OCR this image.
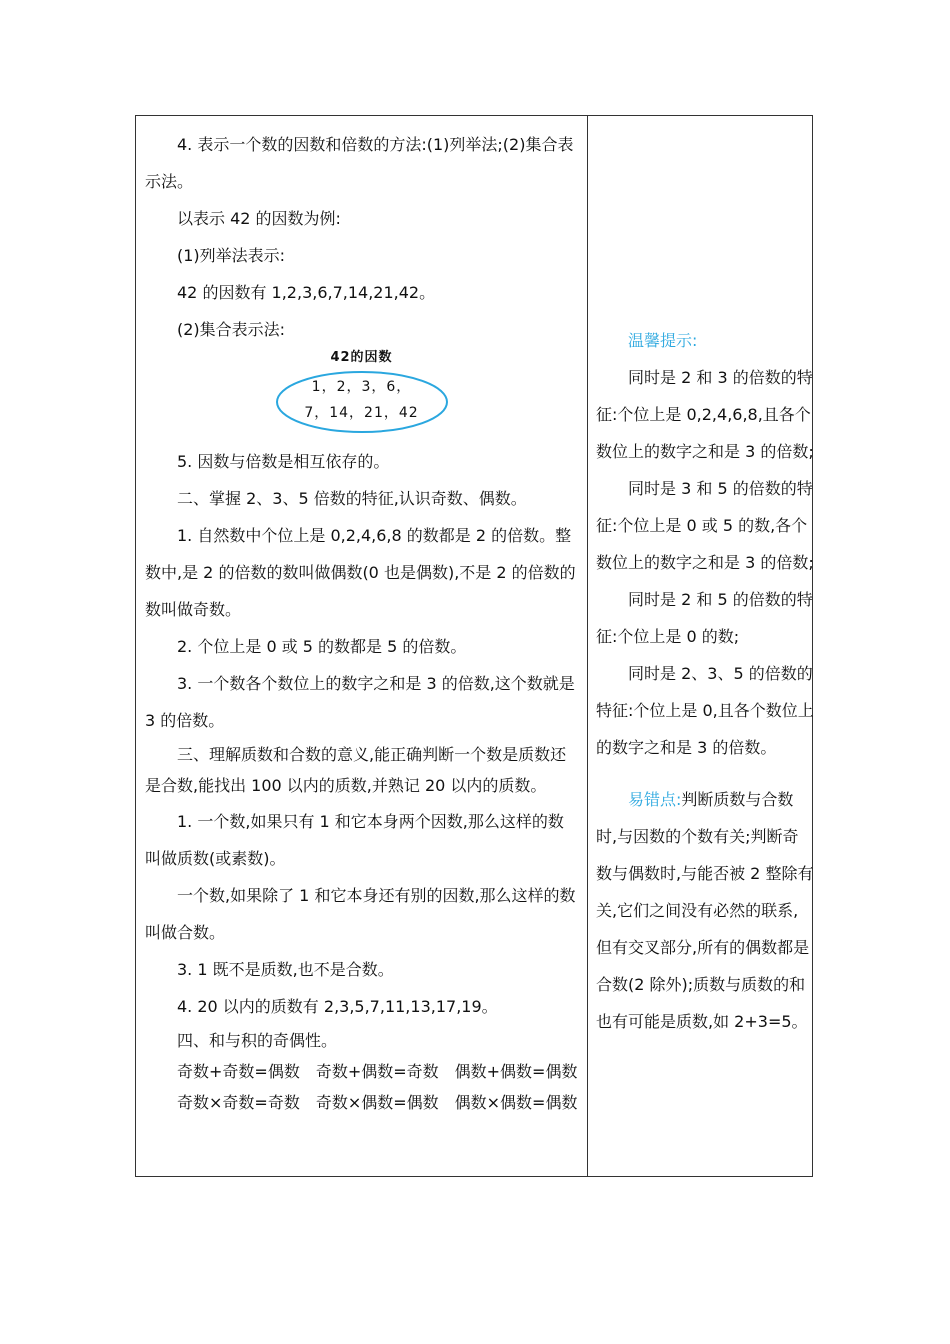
4. 表示一个数的因数和倍数的方法:(1)列举法;(2)集合表示法。

以表示 42 的因数为例:

(1)列举法表示:

42 的因数有 1,2,3,6,7,14,21,42。

(2)集合表示法:

42的因数
1，2，3，6，
7，14，21，42

5. 因数与倍数是相互依存的。

二、掌握 2、3、5 倍数的特征,认识奇数、偶数。

1. 自然数中个位上是 0,2,4,6,8 的数都是 2 的倍数。整数中,是 2 的倍数的数叫做偶数(0 也是偶数),不是 2 的倍数的数叫做奇数。

2. 个位上是 0 或 5 的数都是 5 的倍数。

3. 一个数各个数位上的数字之和是 3 的倍数,这个数就是 3 的倍数。

三、理解质数和合数的意义,能正确判断一个数是质数还是合数,能找出 100 以内的质数,并熟记 20 以内的质数。

1. 一个数,如果只有 1 和它本身两个因数,那么这样的数叫做质数(或素数)。

一个数,如果除了 1 和它本身还有别的因数,那么这样的数叫做合数。

3. 1 既不是质数,也不是合数。

4. 20 以内的质数有 2,3,5,7,11,13,17,19。

四、和与积的奇偶性。

奇数+奇数=偶数　奇数+偶数=奇数　偶数+偶数=偶数

奇数×奇数=奇数　奇数×偶数=偶数　偶数×偶数=偶数

温馨提示:

同时是 2 和 3 的倍数的特征:个位上是 0,2,4,6,8,且各个数位上的数字之和是 3 的倍数;

同时是 3 和 5 的倍数的特征:个位上是 0 或 5 的数,各个数位上的数字之和是 3 的倍数;

同时是 2 和 5 的倍数的特征:个位上是 0 的数;

同时是 2、3、5 的倍数的特征:个位上是 0,且各个数位上的数字之和是 3 的倍数。

易错点:判断质数与合数时,与因数的个数有关;判断奇数与偶数时,与能否被 2 整除有关,它们之间没有必然的联系,但有交叉部分,所有的偶数都是合数(2 除外);质数与质数的和也有可能是质数,如 2+3=5。
